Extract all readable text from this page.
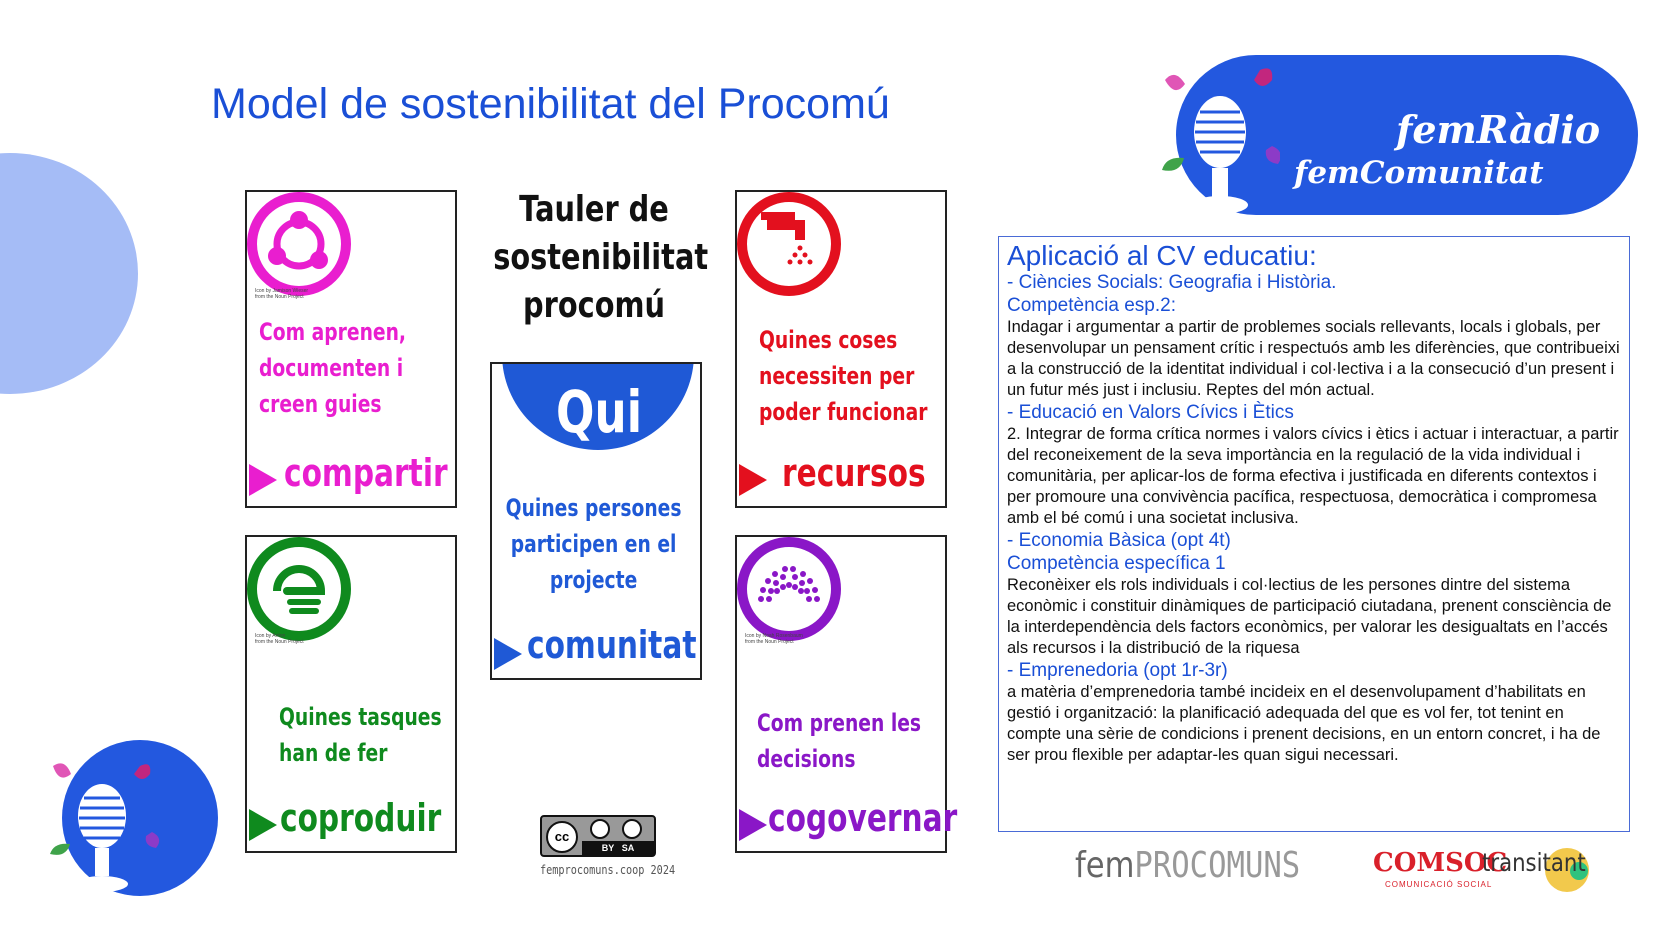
Model de sostenibilitat del Procomú
Tauler de
sostenibilitat
procomú
Icon by Jamison Wieser
from the Noun Project
Com aprenen,
documenten i
creen guies
compartir
Icon by Anton
from the Noun Project
Quines tasques
han de fer
coproduir
Qui
Quines persones
participen en el
projecte
comunitat
Quines coses
necessiten per
poder funcionar
recursos
Icon by Noah Rosenbaum
from the Noun Project
Com prenen les
decisions
cogovernar
cc
BY SA
femprocomuns.coop 2024
femRàdio
femComunitat
Aplicació al CV educatiu:
- Ciències Socials: Geografia i Història.
Competència esp.2:
Indagar i argumentar a partir de problemes socials rellevants, locals i globals, per desenvolupar un pensament crític i respectuós amb les diferències, que contribueixi a la construcció de la identitat individual i col·lectiva i a la consecució d’un present i un futur més just i inclusiu. Reptes del món actual.
- Educació en Valors Cívics i Ètics
2. Integrar de forma crítica normes i valors cívics i ètics i actuar i interactuar, a partir del reconeixement de la seva importància en la regulació de la vida individual i comunitària, per aplicar-los de forma efectiva i justificada en diferents contextos i per promoure una convivència pacífica, respectuosa, democràtica i compromesa amb el bé comú i una societat inclusiva.
- Economia Bàsica (opt 4t)
Competència específica 1
Reconèixer els rols individuals i col·lectius de les persones dintre del sistema econòmic i constituir dinàmiques de participació ciutadana, prenent consciència de la interdependència dels factors econòmics, per valorar les desigualtats en l’accés als recursos i la distribució de la riquesa
- Emprenedoria (opt 1r-3r)
a matèria d’emprenedoria també incideix en el desenvolupament d’habilitats en gestió i organització: la planificació adequada del que es vol fer, tot tenint en compte una sèrie de condicions i prenent decisions, en un entorn concret, i ha de ser prou flexible per adaptar-les quan sigui necessari.
femPROCOMUNS	COMSOC
COMUNICACIÓ SOCIAL
transitant
